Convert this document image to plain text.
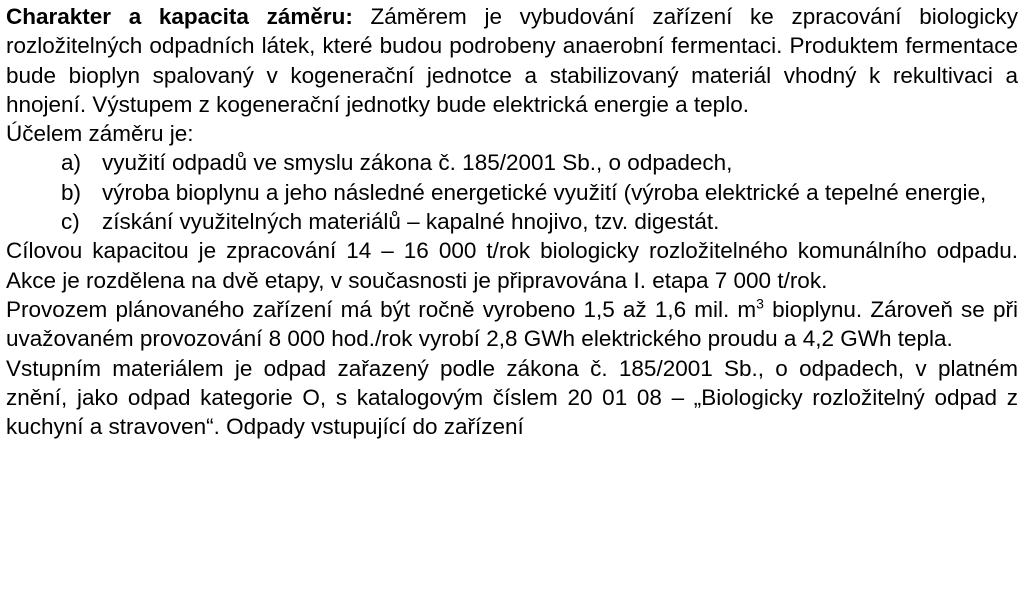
Charakter a kapacita záměru: Záměrem je vybudování zařízení ke zpracování biologicky rozložitelných odpadních látek, které budou podrobeny anaerobní fermentaci. Produktem fermentace bude bioplyn spalovaný v kogenerační jednotce a stabilizovaný materiál vhodný k rekultivaci a hnojení. Výstupem z kogenerační jednotky bude elektrická energie a teplo.

Účelem záměru je:

a) využití odpadů ve smyslu zákona č. 185/2001 Sb., o odpadech,
b) výroba bioplynu a jeho následné energetické využití (výroba elektrické a tepelné energie,
c) získání využitelných materiálů – kapalné hnojivo, tzv. digestát.

Cílovou kapacitou je zpracování 14 – 16 000 t/rok biologicky rozložitelného komunálního odpadu. Akce je rozdělena na dvě etapy, v současnosti je připravována I. etapa 7 000 t/rok.

Provozem plánovaného zařízení má být ročně vyrobeno 1,5 až 1,6 mil. $m^3$ bioplynu. Zároveň se při uvažovaném provozování 8 000 hod./rok vyrobí 2,8 GWh elektrického proudu a 4,2 GWh tepla.

Vstupním materiálem je odpad zařazený podle zákona č. 185/2001 Sb., o odpadech, v platném znění, jako odpad kategorie O, s katalogovým číslem 20 01 08 – „Biologicky rozložitelný odpad z kuchyní a stravoven“. Odpady vstupující do zařízení
